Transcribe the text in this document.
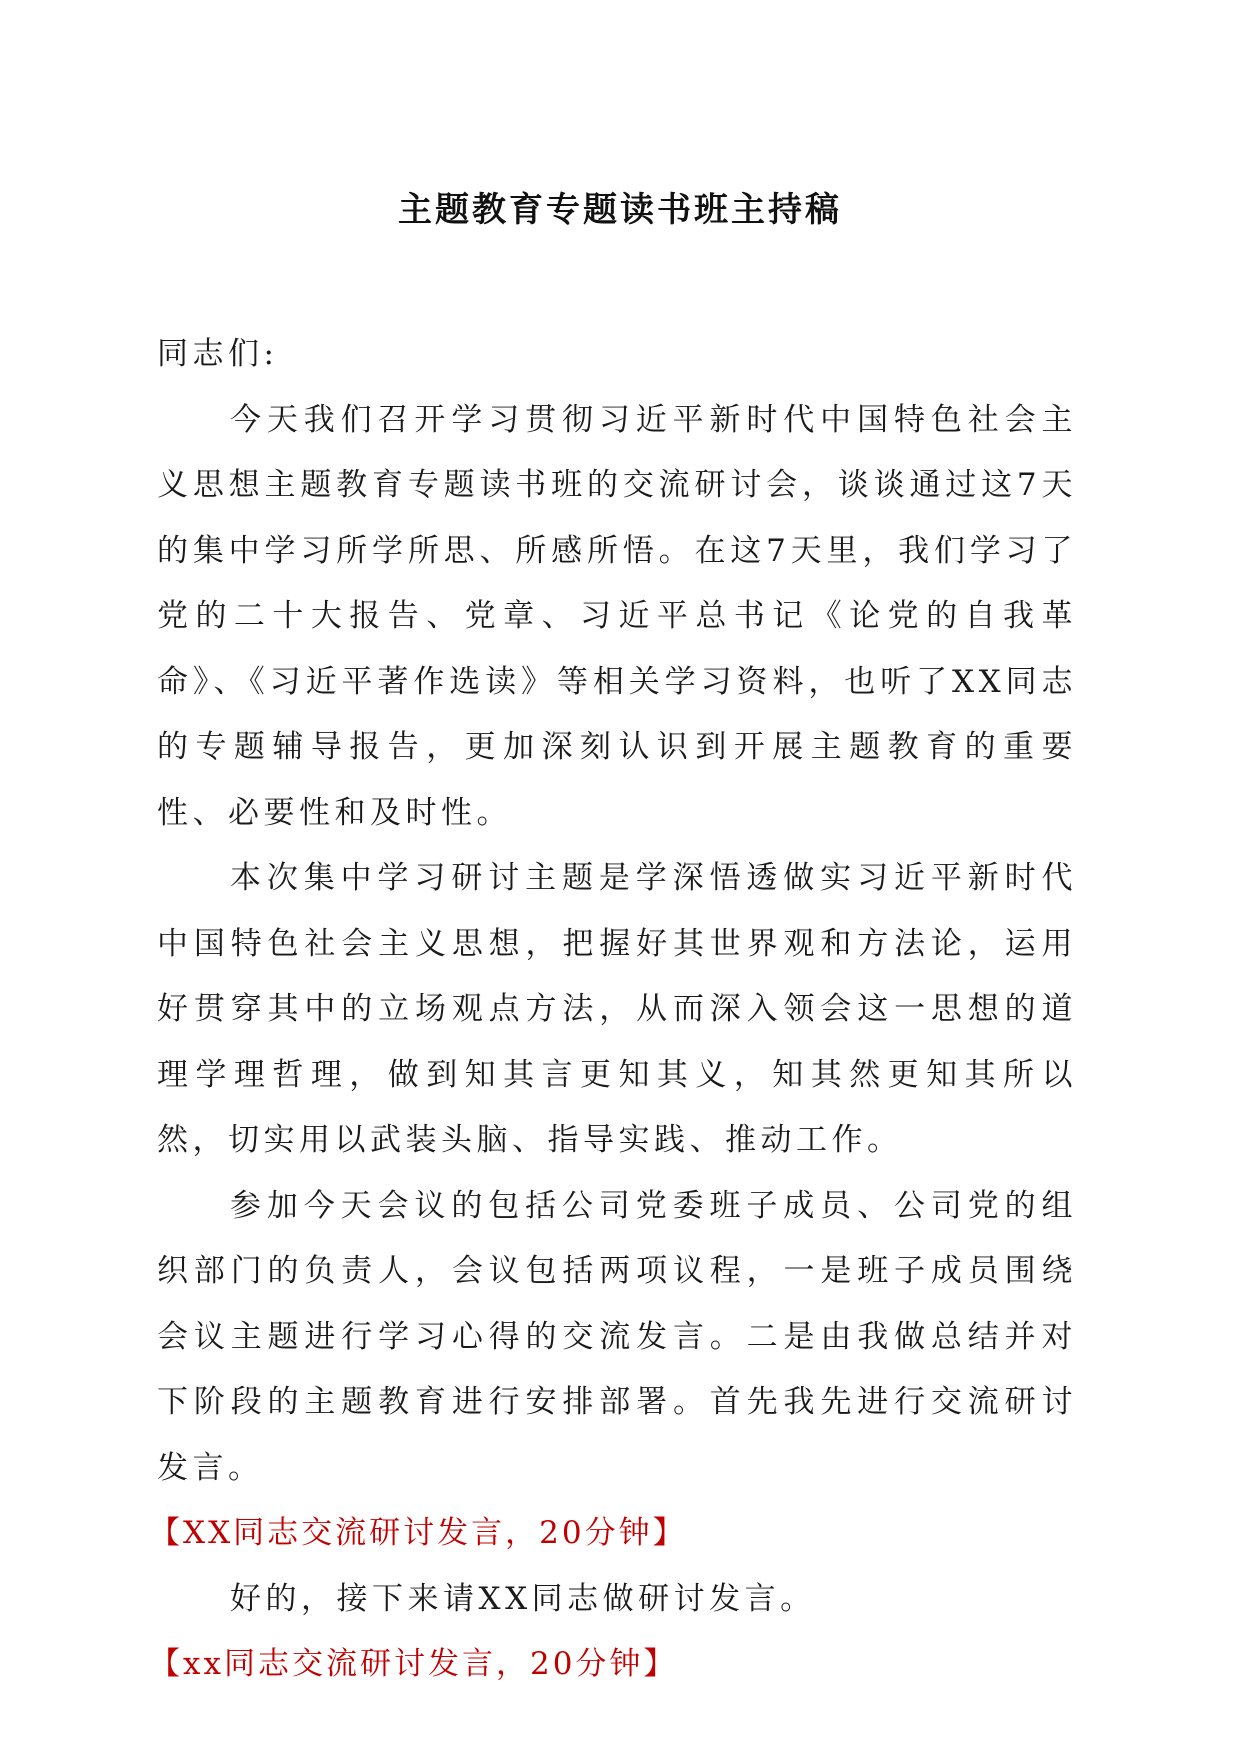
主题教育专题读书班主持稿

同志们:

今天我们召开学习贯彻习近平新时代中国特色社会主义思想主题教育专题读书班的交流研讨会，谈谈通过这7天的集中学习所学所思、所感所悟。在这7天里，我们学习了党的二十大报告、党章、习近平总书记《论党的自我革命》、《习近平著作选读》等相关学习资料，也听了XX同志的专题辅导报告，更加深刻认识到开展主题教育的重要性、必要性和及时性。

本次集中学习研讨主题是学深悟透做实习近平新时代中国特色社会主义思想，把握好其世界观和方法论，运用好贯穿其中的立场观点方法，从而深入领会这一思想的道理学理哲理，做到知其言更知其义，知其然更知其所以然，切实用以武装头脑、指导实践、推动工作。

参加今天会议的包括公司党委班子成员、公司党的组织部门的负责人，会议包括两项议程，一是班子成员围绕会议主题进行学习心得的交流发言。二是由我做总结并对下阶段的主题教育进行安排部署。首先我先进行交流研讨发言。

【XX同志交流研讨发言，20分钟】

好的，接下来请XX同志做研讨发言。

【xx同志交流研讨发言，20分钟】
